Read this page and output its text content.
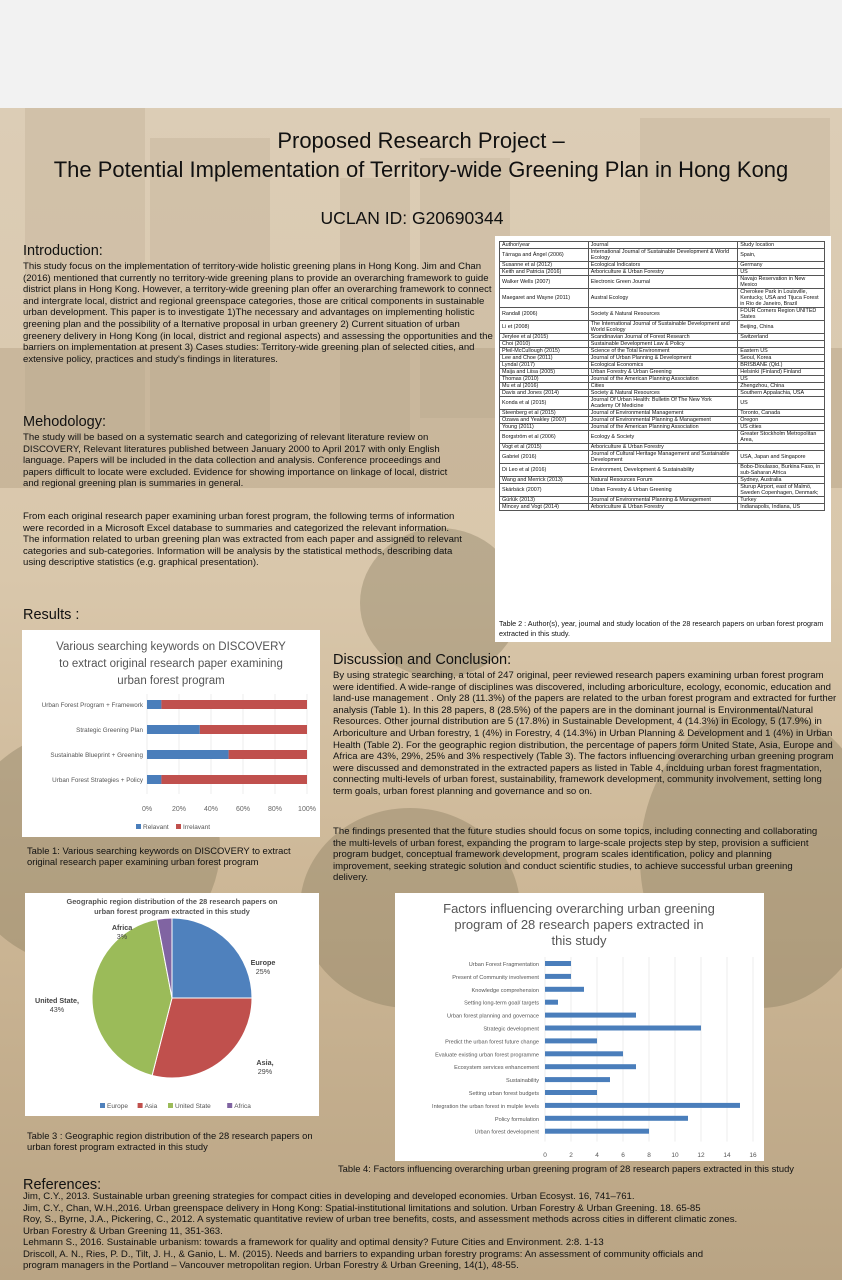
Proposed Research Project –
The Potential Implementation of Territory-wide Greening Plan in Hong Kong
UCLAN ID: G20690344
Introduction:
This study focus on the implementation of territory-wide holistic greening plans in Hong Kong. Jim and Chan (2016) mentioned that currently no territory-wide greening plans to provide an overarching framework to guide district plans in Hong Kong. However, a territory-wide greening plan offer an overarching framework to connect and intergrate local, district and regional greenspace categories, those are critical components in sustainable urban development. This paper is to investigate 1)The necessary and advantages on implementing holistic greening plan and the possibility of a lternative proposal in urban greenery 2) Current situation of urban greenery delivery in Hong Kong (in local, district and regional aspects) and assessing the opportunities and the barriers on implementation at present 3) Cases studies: Territory-wide greening plan of selected cities, and extensive policy, practices and study's findings in literatures.
Mehodology:
The study will be based on a systematic search and categorizing of relevant literature review on DISCOVERY, Relevant literatures published between January 2000 to April 2017 with only English language. Papers will be included in the data collection and analysis. Conference proceedings and papers difficult to locate were excluded. Evidence for showing importance on linkage of local, district and regional greening plan is summaries in general.
From each original research paper examining urban forest program, the following terms of information were recorded in a Microsoft Excel database to summaries and categorized the relevant information. The information related to urban greening plan was extracted from each paper and assigned to relevant categories and sub-categories. Information will be analysis by the statistical methods, describing data using descriptive statistics (e.g. graphical presentation).
Results :
Author/year	Journal	Study location
Tárraga and Ángel (2006)	International Journal of Sustainable Development & World Ecology	Spain,
Susanne et al (2012)	Ecological Indicators	Germany
Keith and Patricia (2016)	Arboriculture & Urban Forestry	US
Walker Wells (2007)	Electronic Green Journal	Navajo Reservation in New Mexico
Maegaret and Wayne (2011)	Austral Ecology	Cherokee Park in Louisville, Kentucky, USA and Tijuca Forest in Rio de Janeiro, Brazil
Randall (2006)	Society & Natural Resources	FOUR Corners Region UNITED States
Li et (2008)	The International Journal of Sustainable Development and World Ecology	Beijing, China
Jerylee et al (2015)	Scandinavian Journal of Forest Research	Switzerland
Choi (2010)	Sustainable Development Law & Policy	
Pfeil-McCullough (2015)	Science of the Total Environment	Eastern US
Lee and Choe (2011)	Journal of Urban Planning & Development	Seoul, Korea
Lyndal (2017)	Ecological Economics	BRISBANE (Qld.)
Maija and Liisa (2005)	Urban Forestry & Urban Greening	Helsinki (Finland) Finland
Thomas (2010)	Journal of the American Planning Association	US
Mu et al (2016)	Cities	Zhengzhou, China
Davis and Jones (2014)	Society & Natural Resources	Southern Appalachia, USA
Konda et al (2015)	Journal Of Urban Health: Bulletin Of The New York Academy Of Medicine	US
Steenberg et al (2015)	Journal of Environmental Management	Toronto, Canada
Ozawa and Yeakley (2007)	Journal of Environmental Planning & Management	Oregon
Young (2011)	Journal of the American Planning Association	US cities
Borgström et al (2006)	Ecology & Society	Greater Stockholm Metropolitan Area,
Vogt et al (2015)	Arboriculture & Urban Forestry	
Gabriel (2016)	Journal of Cultural Heritage Management and Sustainable Development	USA, Japan and Singapore
Di Leo et al (2016)	Environment, Development & Sustainability	Bobo-Dioulasso, Burkina Faso, in sub-Saharan Africa
Wang and Merrick (2013)	Natural Resources Forum	Sydney, Australia
Skärbäck (2007)	Urban Forestry & Urban Greening	Sturup Airport, east of Malmö, Sweden Copenhagen, Denmark;
Gürlük (2013)	Journal of Environmental Planning & Management	Turkey
Mincey and Vogt (2014)	Arboriculture & Urban Forestry	Indianapolis, Indiana, US
Table 2 : Author(s), year, journal and study location of the 28 research papers on urban forest program extracted in this study.
Various searching keywords on DISCOVERY
to extract original research paper examining
urban forest program
0%	20%	40%	60%	80% 100%
Urban Forest Program + Framework
Strategic Greening Plan
Sustainable Blueprint + Greening
Urban Forest Strategies + Policy
Relavant Irrelavant
Table 1: Various searching keywords on DISCOVERY to extract original research paper examining urban forest program
Discussion and Conclusion:
By using strategic searching, a total of 247 original, peer reviewed research papers examining urban forest program were identified. A wide-range of disciplines was discovered, including arboriculture, ecology, economic, education and land-use management . Only 28 (11.3%) of the papers are related to the urban forest program and extracted for further analysis (Table 1). In this 28 papers, 8 (28.5%) of the papers are in the dominant journal is Environmental/Natural Resources. Other journal distribution are 5 (17.8%) in Sustainable Development, 4 (14.3%) in Ecology, 5 (17.9%) in Arboriculture and Urban forestry, 1 (4%) in Forestry, 4 (14.3%) in Urban Planning & Development and 1 (4%) in Urban Health (Table 2). For the geographic region distribution, the percentage of papers form United State, Asia, Europe and Africa are 43%, 29%, 25% and 3% respectively (Table 3). The factors influencing overarching urban greening program were discussed and demonstrated in the extracted papers as listed in Table 4, inclduing urban forest fragmentation, connecting multi-levels of urban forest, sustainability, framework development, community involvement, setting long term goals, urban forest planning and governance and so on.
The findings presented that the future studies should focus on some topics, including connecting and collaborating the multi-levels of urban forest, expanding the program to large-scale projects step by step, provision a sufficient program budget, conceptual framework development, program scales identification, policy and planning improvement, seeking strategic solution and conduct scientific studies, to achieve successful urban greening delivery.
Geographic region distribution of the 28 research papers on
urban forest program extracted in this study
Europe
25%
Asia,
29%
United State,
43%
Africa
3%
Europe	Asia	United State	Africa
Table 3 : Geographic region distribution of the 28 research papers on urban forest program extracted in this study
Factors influencing overarching urban greening
program of 28 research papers extracted in
this study
0	2	4	6	8	10	12	14	16
Urban Forest Fragmentation
Present of Community involvement
Knowledge comprehension
Setting long-term goal/ targets
Urban forest planning and governace
Strategic development
Predict the urban forest future change
Evaluate existing urban forest programme
Ecosystem services enhancement
Sustainability
Setting urban forest budgets
Integration the urban forest in mulple levels
Policy formulation
Urban forest development
Table 4: Factors influencing overarching urban greening program of 28 research papers extracted in this study
References:
Jim, C.Y., 2013. Sustainable urban greening strategies for compact cities in developing and developed economies. Urban Ecosyst. 16, 741–761.
Jim, C.Y., Chan, W.H.,2016. Urban greenspace delivery in Hong Kong: Spatial-institutional limitations and solution. Urban Forestry & Urban Greening. 18. 65-85
Roy, S., Byrne, J.A., Pickering, C., 2012. A systematic quantitative review of urban tree benefits, costs, and assessment methods across cities in different climatic zones. Urban Forestry & Urban Greening 11, 351-363.
Lehmann S., 2016. Sustainable urbanism: towards a framework for quality and optimal density? Future Cities and Environment. 2:8. 1-13
Driscoll, A. N., Ries, P. D., Tilt, J. H., & Ganio, L. M. (2015). Needs and barriers to expanding urban forestry programs: An assessment of community officials and program managers in the Portland – Vancouver metropolitan region. Urban Forestry & Urban Greening, 14(1), 48-55.
